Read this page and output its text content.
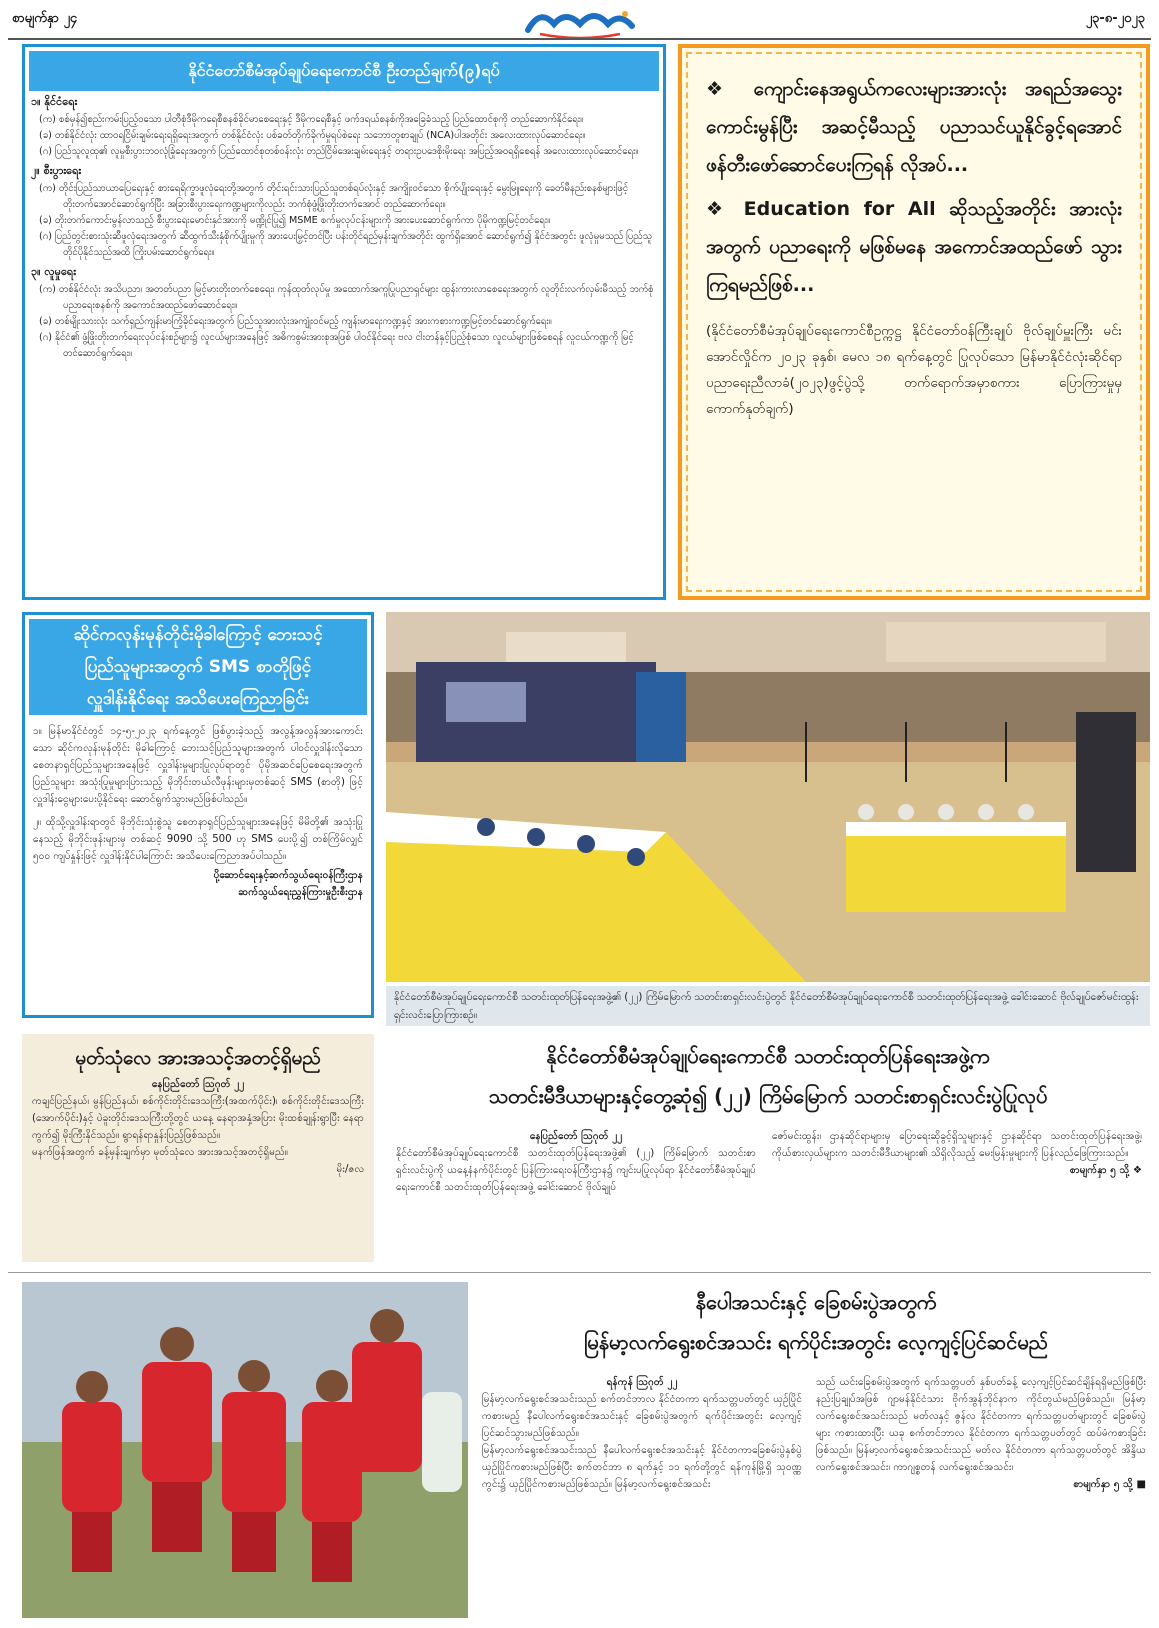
စာမျက်နှာ ၂၄	၂၃-၈-၂၀၂၃
နိုင်ငံတော်စီမံအုပ်ချုပ်ရေးကောင်စီ ဦးတည်ချက်(၉)ရပ်
၁။ နိုင်ငံရေး
(က) စစ်မှန်၍စည်းကမ်းပြည့်ဝသော ပါတီစုံဒီမိုကရေစီစနစ်ခိုင်မာစေရေးနှင့် ဒီမိုကရေစီနှင့် ဖက်ဒရယ်စနစ်ကိုအခြေခံသည့် ပြည်ထောင်စုကို တည်ဆောက်နိုင်ရေး။
(ခ) တစ်နိုင်ငံလုံး ထာဝရငြိမ်းချမ်းရေးရရှိရေးအတွက် တစ်နိုင်ငံလုံး ပစ်ခတ်တိုက်ခိုက်မှုရပ်စဲရေး သဘောတူစာချုပ် (NCA)ပါအတိုင်း အလေးထားလုပ်ဆောင်ရေး။
(ဂ) ပြည်သူလူထု၏ လူမှုစီးပွားဘဝလုံခြုံရေးအတွက် ပြည်ထောင်စုတစ်ဝန်းလုံး တည်ငြိမ်အေးချမ်းရေးနှင့် တရားဥပဒေစိုးမိုးရေး အပြည့်အဝရရှိစေရန် အလေးထားလုပ်ဆောင်ရေး။
၂။ စီးပွားရေး
(က) တိုင်းပြည်သာယာပြေရေးနှင့် စားရေရိက္ခာဖူလုံရေးတို့အတွက် တိုင်းရင်းသားပြည်သူတစ်ရပ်လုံးနှင့် အကျိုးဝင်သော စိုက်ပျိုးရေးနှင့် မွေးမြူရေးကို ခေတ်မီနည်းစနစ်များဖြင့် တိုးတက်အောင်ဆောင်ရွက်ပြီး အခြားစီးပွားရေးကဏ္ဍများကိုလည်း ဘက်စုံဖွံ့ဖြိုးတိုးတက်အောင် တည်ဆောက်ရေး။
(ခ) တိုးတက်ကောင်းမွန်လာသည့် စီးပွားရေးမောင်းနှင်အားကို မဏ္ဍိုင်ပြု၍ MSME စက်မှုလုပ်ငန်းများကို အားပေးဆောင်ရွက်ကာ ပိုမိုကဏ္ဍမြင့်တင်ရေး။
(ဂ) ပြည်တွင်းစားသုံးဆီဖူလုံရေးအတွက် ဆီထွက်သီးနှံစိုက်ပျိုးမှုကို အားပေးမြှင့်တင်ပြီး ပန်းတိုင်ရည်မှန်းချက်အတိုင်း ထွက်ရှိအောင် ဆောင်ရွက်၍ နိုင်ငံအတွင်း ဖူလုံမှုမသည် ပြည်သူတိုင်ပိုနိုင်သည်အထိ ကြိုးပမ်းဆောင်ရွက်ရေး။
၃။ လူမှုရေး
(က) တစ်နိုင်ငံလုံး အသိပညာ၊ အတတ်ပညာ မြင့်မားတိုးတက်စေရေး၊ ကုန်ထုတ်လုပ်မှု အထောက်အကူပြုပညာရှင်များ ထွန်းကားလာစေရေးအတွက် လူတိုင်းလက်လှမ်းမီသည့် ဘက်စုံပညာရေးစနစ်ကို အကောင်အထည်ဖော်ဆောင်ရေး။
(ခ) တစ်မျိုးသားလုံး သက်ရှည်ကျန်းမာကြံ့ခိုင်ရေးအတွက် ပြည်သူအားလုံးအကျုံးဝင်မည့် ကျန်းမာရေးကဏ္ဍနှင့် အားကစားကဏ္ဍမြင့်တင်ဆောင်ရွက်ရေး။
(ဂ) နိုင်ငံ၏ ဖွံ့ဖြိုးတိုးတက်ရေးလုပ်ငန်းစဉ်များ၌ လူငယ်များအနေဖြင့် အဓိကစွမ်းအားစုအဖြစ် ပါဝင်နိုင်ရေး ဗလ ငါးတန်နှင့်ပြည့်စုံသော လူငယ်များဖြစ်စေရန် လူငယ်ကဏ္ဍကို မြင့်တင်ဆောင်ရွက်ရေး။
❖ ကျောင်းနေအရွယ်ကလေးများအားလုံး အရည်အသွေးကောင်းမွန်ပြီး အဆင့်မီသည့် ပညာသင်ယူနိုင်ခွင့်ရအောင် ဖန်တီးဖော်ဆောင်ပေးကြရန် လိုအပ်...
❖ Education for All ဆိုသည့်အတိုင်း အားလုံးအတွက် ပညာရေးကို မဖြစ်မနေ အကောင်အထည်ဖော် သွားကြရမည်ဖြစ်...
(နိုင်ငံတော်စီမံအုပ်ချုပ်ရေးကောင်စီဥက္ကဋ္ဌ နိုင်ငံတော်ဝန်ကြီးချုပ် ဗိုလ်ချုပ်မှူးကြီး မင်းအောင်လှိုင်က ၂၀၂၃ ခုနှစ်၊ မေလ ၁၈ ရက်နေ့တွင် ပြုလုပ်သော မြန်မာနိုင်ငံလုံးဆိုင်ရာ ပညာရေးညီလာခံ(၂၀၂၃)ဖွင့်ပွဲသို့ တက်ရောက်အမှာစကား ပြောကြားမှုမှ ကောက်နုတ်ချက်)
ဆိုင်ကလုန်းမုန်တိုင်းမိုခါကြောင့် ဘေးသင့်
ပြည်သူများအတွက် SMS စာတိုဖြင့်
လှူဒါန်းနိုင်ရေး အသိပေးကြေညာခြင်း
၁။ မြန်မာနိုင်ငံတွင် ၁၄-၅-၂၀၂၃ ရက်နေ့တွင် ဖြစ်ပွားခဲ့သည့် အလွန့်အလွန်အားကောင်းသော ဆိုင်ကလုန်းမုန်တိုင်း မိုခါကြောင့် ဘေးသင့်ပြည်သူများအတွက် ပါဝင်လှူဒါန်းလိုသော စေတနာရှင်ပြည်သူများအနေဖြင့် လှူဒါန်းမှုများပြုလုပ်ရာတွင် ပိုမိုအဆင်ပြေစေရေးအတွက် ပြည်သူများ အသုံးပြုမှုများပြားသည့် မိုဘိုင်းတယ်လီဖုန်းများမှတစ်ဆင့် SMS (စာတို) ဖြင့် လှူဒါန်းငွေများပေးပို့နိုင်ရေး ဆောင်ရွက်သွားမည်ဖြစ်ပါသည်။
၂။ ထိုသို့လှူဒါန်းရာတွင် မိုဘိုင်းသုံးစွဲသူ စေတနာရှင်ပြည်သူများအနေဖြင့် မိမိတို့၏ အသုံးပြုနေသည့် မိုဘိုင်းဖုန်းများမှ တစ်ဆင့် 9090 သို့ 500 ဟု SMS ပေးပို့၍ တစ်ကြိမ်လျှင် ၅၀၀ ကျပ်နှုန်းဖြင့် လှူဒါန်းနိုင်ပါကြောင်း အသိပေးကြေညာအပ်ပါသည်။
ပို့ဆောင်ရေးနှင့်ဆက်သွယ်ရေးဝန်ကြီးဌာန
ဆက်သွယ်ရေးညွှန်ကြားမှုဦးစီးဌာန
နိုင်ငံတော်စီမံအုပ်ချုပ်ရေးကောင်စီ သတင်းထုတ်ပြန်ရေးအဖွဲ့၏ (၂၂) ကြိမ်မြောက် သတင်းစာရှင်းလင်းပွဲတွင် နိုင်ငံတော်စီမံအုပ်ချုပ်ရေးကောင်စီ သတင်းထုတ်ပြန်ရေးအဖွဲ့ ခေါင်းဆောင် ဗိုလ်ချုပ်ဇော်မင်းထွန်း ရှင်းလင်းပြောကြားစဉ်။
မုတ်သုံလေ အားအသင့်အတင့်ရှိမည်
နေပြည်တော် ဩဂုတ် ၂၂
ကချင်ပြည်နယ်၊ မွန်ပြည်နယ်၊ စစ်ကိုင်းတိုင်းဒေသကြီး(အထက်ပိုင်း)၊ စစ်ကိုင်းတိုင်းဒေသကြီး (အောက်ပိုင်း)နှင့် ပဲခူးတိုင်းဒေသကြီးတို့တွင် ယနေ့ နေရာအနှံ့အပြား မိုးထစ်ချုန်းရွာပြီး နေရာကွက်၍ မိုးကြီးနိုင်သည်။ ရွာရန်ရာနှုန်းပြည့်ဖြစ်သည်။
မနက်ဖြန်အတွက် ခန့်မှန်းချက်မှာ မုတ်သုံလေ အားအသင့်အတင့်ရှိမည်။
မိုး/ဇလ
နိုင်ငံတော်စီမံအုပ်ချုပ်ရေးကောင်စီ သတင်းထုတ်ပြန်ရေးအဖွဲ့က
သတင်းမီဒီယာများနှင့်တွေ့ဆုံ၍ (၂၂) ကြိမ်မြောက် သတင်းစာရှင်းလင်းပွဲပြုလုပ်
နေပြည်တော် ဩဂုတ် ၂၂
နိုင်ငံတော်စီမံအုပ်ချုပ်ရေးကောင်စီ သတင်းထုတ်ပြန်ရေးအဖွဲ့၏ (၂၂) ကြိမ်မြောက် သတင်းစာရှင်းလင်းပွဲကို ယနေ့နံနက်ပိုင်းတွင် ပြန်ကြားရေးဝန်ကြီးဌာန၌ ကျင်းပပြုလုပ်ရာ နိုင်ငံတော်စီမံအုပ်ချုပ်ရေးကောင်စီ သတင်းထုတ်ပြန်ရေးအဖွဲ့ ခေါင်းဆောင် ဗိုလ်ချုပ်
ဇော်မင်းထွန်း၊ ဌာနဆိုင်ရာများမှ ပြောရေးဆိုခွင့်ရှိသူများနှင့် ဌာနဆိုင်ရာ သတင်းထုတ်ပြန်ရေးအဖွဲ့၊ ကိုယ်စားလှယ်များက သတင်းမီဒီယာများ၏ သိရှိလိုသည့် မေးမြန်းမှုများကို ပြန်လည်ဖြေကြားသည်။
စာမျက်နှာ ၅ သို့ ❖
နီပေါအသင်းနှင့် ခြေစမ်းပွဲအတွက်
မြန်မာ့လက်ရွေးစင်အသင်း ရက်ပိုင်းအတွင်း လေ့ကျင့်ပြင်ဆင်မည်
ရန်ကုန် ဩဂုတ် ၂၂
မြန်မာ့လက်ရွေးစင်အသင်းသည် စက်တင်ဘာလ နိုင်ငံတကာ ရက်သတ္တပတ်တွင် ယှဉ်ပြိုင်ကစားမည့် နီပေါလက်ရွေးစင်အသင်းနှင့် ခြေစမ်းပွဲအတွက် ရက်ပိုင်းအတွင်း လေ့ကျင့်ပြင်ဆင်သွားမည်ဖြစ်သည်။
မြန်မာ့လက်ရွေးစင်အသင်းသည် နီပေါလက်ရွေးစင်အသင်းနှင့် နိုင်ငံတကာခြေစမ်းပွဲနှစ်ပွဲ ယှဉ်ပြိုင်ကစားမည်ဖြစ်ပြီး စက်တင်ဘာ ၈ ရက်နှင့် ၁၁ ရက်တို့တွင် ရန်ကုန်မြို့ရှိ သုဝဏ္ဏ ကွင်း၌ ယှဉ်ပြိုင်ကစားမည်ဖြစ်သည်။ မြန်မာ့လက်ရွေးစင်အသင်း
သည် ယင်းခြေစမ်းပွဲအတွက် ရက်သတ္တပတ် နှစ်ပတ်ခန့် လေ့ကျင့်ပြင်ဆင်ချိန်ရရှိမည်ဖြစ်ပြီး နည်းပြချုပ်အဖြစ် ဂျာမန်နိုင်ငံသား ဗိုက်အွန်ဘိုင်နာက ကိုင်တွယ်မည်ဖြစ်သည်။ မြန်မာ့လက်ရွေးစင်အသင်းသည် မတ်လနှင့် ဇွန်လ နိုင်ငံတကာ ရက်သတ္တပတ်များတွင် ခြေစမ်းပွဲများ ကစားထားပြီး ယခု စက်တင်ဘာလ နိုင်ငံတကာ ရက်သတ္တပတ်တွင် ထပ်မံကစားခြင်း ဖြစ်သည်။ မြန်မာ့လက်ရွေးစင်အသင်းသည် မတ်လ နိုင်ငံတကာ ရက်သတ္တပတ်တွင် အိန္ဒိယလက်ရွေးစင်အသင်း၊ ကာဂျစ္စတန် လက်ရွေးစင်အသင်း၊
စာမျက်နှာ ၅ သို့ ■
